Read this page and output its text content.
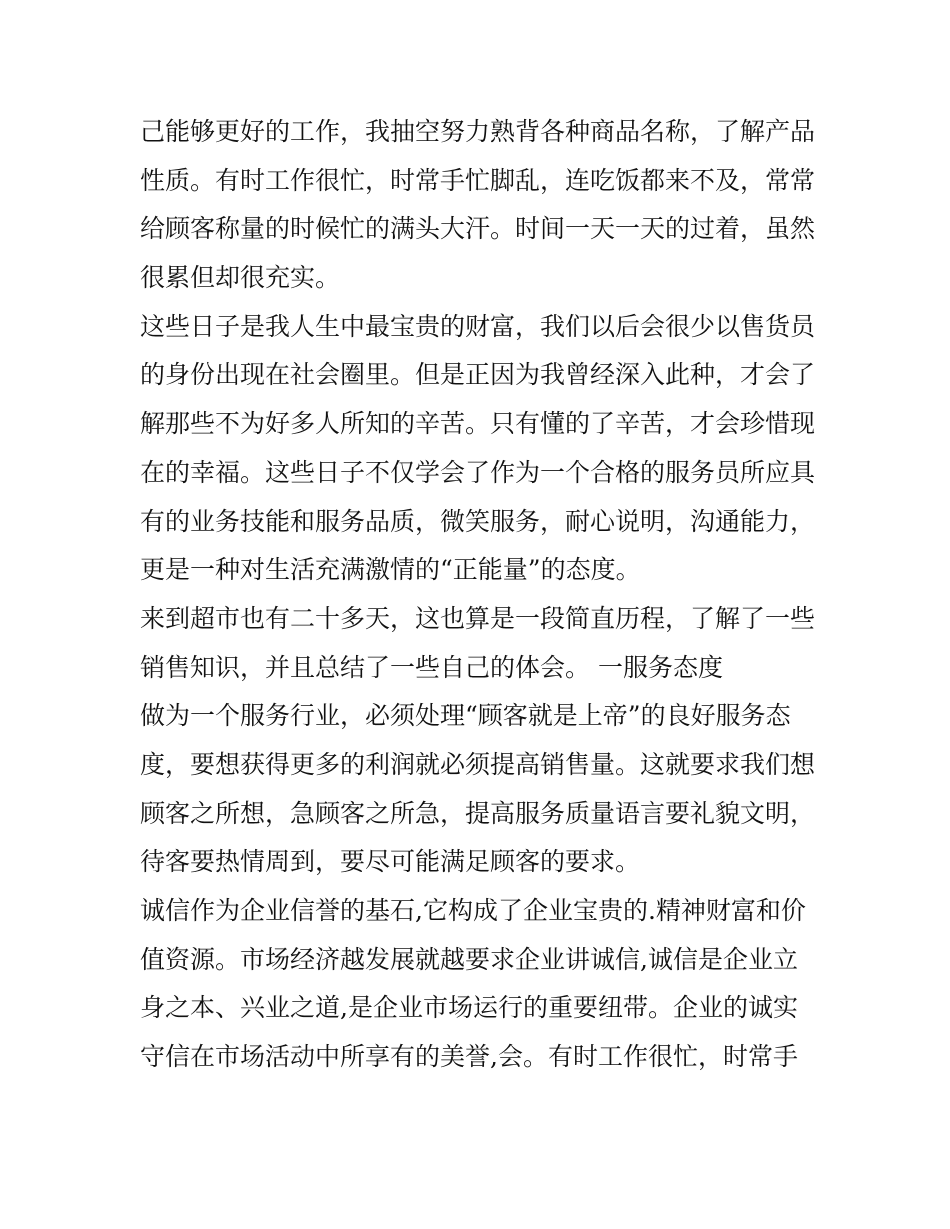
己能够更好的工作，我抽空努力熟背各种商品名称，了解产品
性质。有时工作很忙，时常手忙脚乱，连吃饭都来不及，常常
给顾客称量的时候忙的满头大汗。时间一天一天的过着，虽然
很累但却很充实。

这些日子是我人生中最宝贵的财富，我们以后会很少以售货员
的身份出现在社会圈里。但是正因为我曾经深入此种，才会了
解那些不为好多人所知的辛苦。只有懂的了辛苦，才会珍惜现
在的幸福。这些日子不仅学会了作为一个合格的服务员所应具
有的业务技能和服务品质，微笑服务，耐心说明，沟通能力，
更是一种对生活充满激情的“正能量”的态度。

来到超市也有二十多天，这也算是一段简直历程，了解了一些
销售知识，并且总结了一些自己的体会。 一服务态度

做为一个服务行业，必须处理“顾客就是上帝”的良好服务态
度，要想获得更多的利润就必须提高销售量。这就要求我们想
顾客之所想，急顾客之所急，提高服务质量语言要礼貌文明，
待客要热情周到，要尽可能满足顾客的要求。

诚信作为企业信誉的基石,它构成了企业宝贵的.精神财富和价
值资源。市场经济越发展就越要求企业讲诚信,诚信是企业立
身之本、兴业之道,是企业市场运行的重要纽带。企业的诚实
守信在市场活动中所享有的美誉,会。有时工作很忙，时常手
